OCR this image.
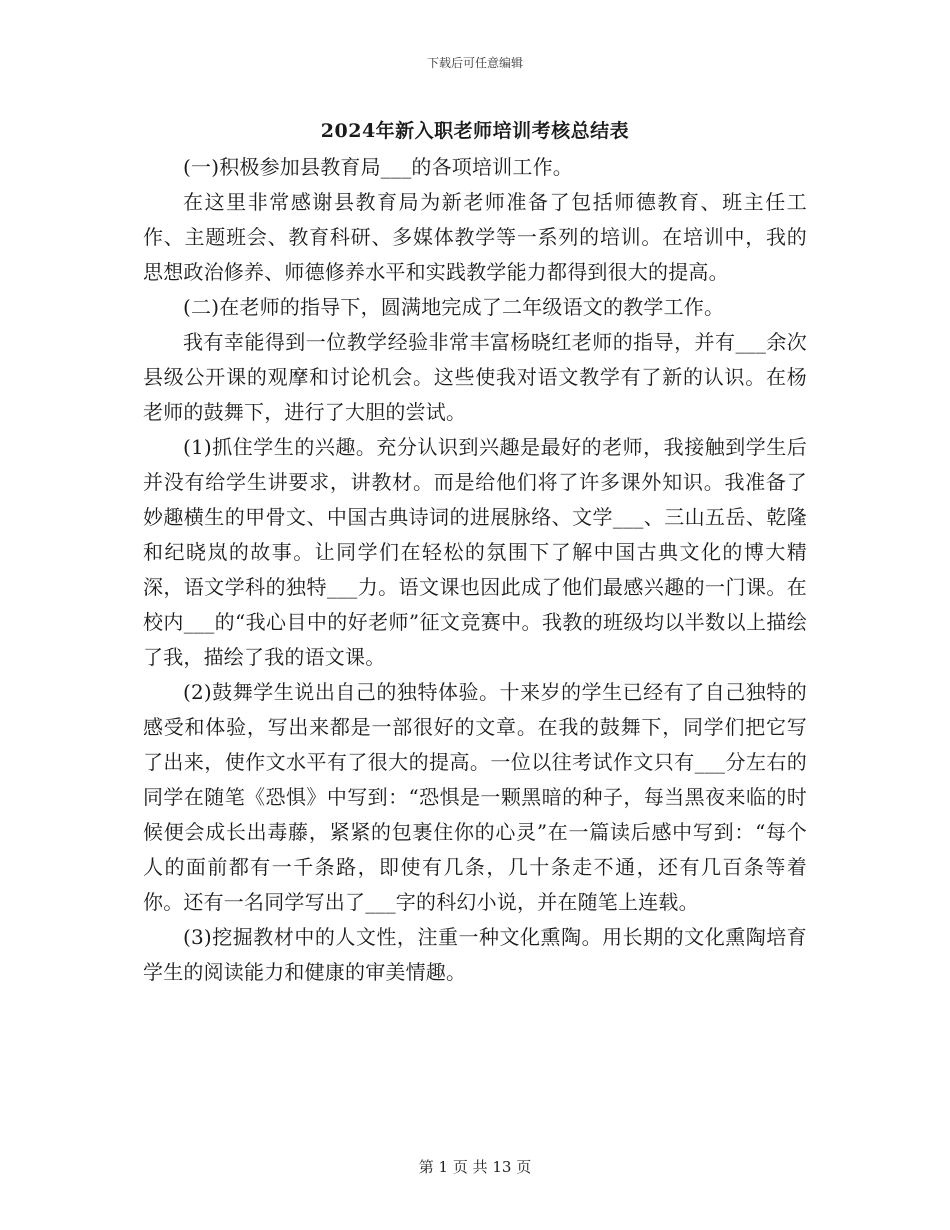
下载后可任意编辑
2024年新入职老师培训考核总结表

(一)积极参加县教育局___的各项培训工作。

在这里非常感谢县教育局为新老师准备了包括师德教育、班主任工作、主题班会、教育科研、多媒体教学等一系列的培训。在培训中，我的思想政治修养、师德修养水平和实践教学能力都得到很大的提高。

(二)在老师的指导下，圆满地完成了二年级语文的教学工作。

我有幸能得到一位教学经验非常丰富杨晓红老师的指导，并有___余次县级公开课的观摩和讨论机会。这些使我对语文教学有了新的认识。在杨老师的鼓舞下，进行了大胆的尝试。

(1)抓住学生的兴趣。充分认识到兴趣是最好的老师，我接触到学生后并没有给学生讲要求，讲教材。而是给他们将了许多课外知识。我准备了妙趣横生的甲骨文、中国古典诗词的进展脉络、文学___、三山五岳、乾隆和纪晓岚的故事。让同学们在轻松的氛围下了解中国古典文化的博大精深，语文学科的独特___力。语文课也因此成了他们最感兴趣的一门课。在校内___的“我心目中的好老师”征文竞赛中。我教的班级均以半数以上描绘了我，描绘了我的语文课。

(2)鼓舞学生说出自己的独特体验。十来岁的学生已经有了自己独特的感受和体验，写出来都是一部很好的文章。在我的鼓舞下，同学们把它写了出来，使作文水平有了很大的提高。一位以往考试作文只有___分左右的同学在随笔《恐惧》中写到：“恐惧是一颗黑暗的种子，每当黑夜来临的时候便会成长出毒藤，紧紧的包裹住你的心灵”在一篇读后感中写到：“每个人的面前都有一千条路，即使有几条，几十条走不通，还有几百条等着你。还有一名同学写出了___字的科幻小说，并在随笔上连载。

(3)挖掘教材中的人文性，注重一种文化熏陶。用长期的文化熏陶培育学生的阅读能力和健康的审美情趣。

第 1 页 共 13 页
